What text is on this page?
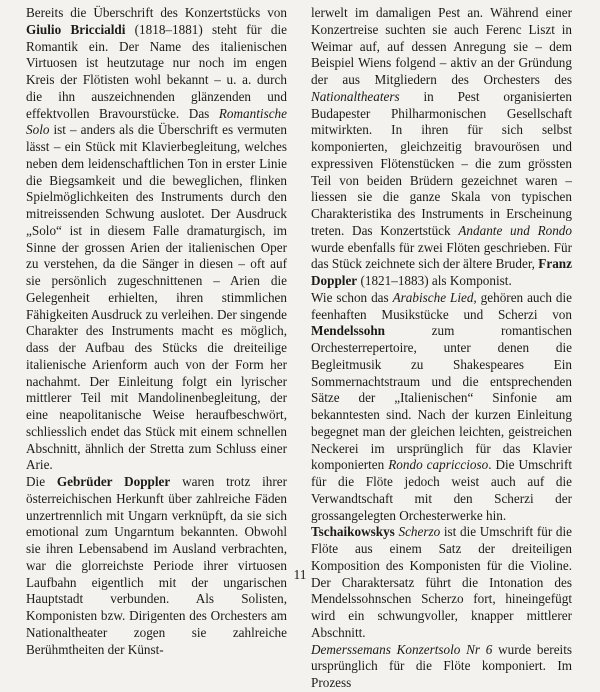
Bereits die Überschrift des Konzertstücks von Giulio Briccialdi (1818–1881) steht für die Romantik ein. Der Name des italienischen Virtuosen ist heutzutage nur noch im engen Kreis der Flötisten wohl bekannt – u. a. durch die ihn auszeichnenden glänzenden und effektvollen Bravourstücke. Das Romantische Solo ist – anders als die Überschrift es vermuten lässt – ein Stück mit Klavierbegleitung, welches neben dem leidenschaftlichen Ton in erster Linie die Biegsamkeit und die beweglichen, flinken Spielmöglichkeiten des Instruments durch den mitreissenden Schwung auslotet. Der Ausdruck „Solo“ ist in diesem Falle dramaturgisch, im Sinne der grossen Arien der italienischen Oper zu verstehen, da die Sänger in diesen – oft auf sie persönlich zugeschnittenen – Arien die Gelegenheit erhielten, ihren stimmlichen Fähigkeiten Ausdruck zu verleihen. Der singende Charakter des Instruments macht es möglich, dass der Aufbau des Stücks die dreiteilige italienische Arienform auch von der Form her nachahmt. Der Einleitung folgt ein lyrischer mittlerer Teil mit Mandolinenbegleitung, der eine neapolitanische Weise heraufbeschwört, schliesslich endet das Stück mit einem schnellen Abschnitt, ähnlich der Stretta zum Schluss einer Arie.

Die Gebrüder Doppler waren trotz ihrer österreichischen Herkunft über zahlreiche Fäden unzertrennlich mit Ungarn verknüpft, da sie sich emotional zum Ungarntum bekannten. Obwohl sie ihren Lebensabend im Ausland verbrachten, war die glorreichste Periode ihrer virtuosen Laufbahn eigentlich mit der ungarischen Hauptstadt verbunden. Als Solisten, Komponisten bzw. Dirigenten des Orchesters am Nationaltheater zogen sie zahlreiche Berühmtheiten der Künst-

lerwelt im damaligen Pest an. Während einer Konzertreise suchten sie auch Ferenc Liszt in Weimar auf, auf dessen Anregung sie – dem Beispiel Wiens folgend – aktiv an der Gründung der aus Mitgliedern des Orchesters des Nationaltheaters in Pest organisierten Budapester Philharmonischen Gesellschaft mitwirkten. In ihren für sich selbst komponierten, gleichzeitig bravourösen und expressiven Flötenstücken – die zum grössten Teil von beiden Brüdern gezeichnet waren – liessen sie die ganze Skala von typischen Charakteristika des Instruments in Erscheinung treten. Das Konzertstück Andante und Rondo wurde ebenfalls für zwei Flöten geschrieben. Für das Stück zeichnete sich der ältere Bruder, Franz Doppler (1821–1883) als Komponist.

Wie schon das Arabische Lied, gehören auch die feenhaften Musikstücke und Scherzi von Mendelssohn zum romantischen Orchesterrepertoire, unter denen die Begleitmusik zu Shakespeares Ein Sommernachtstraum und die entsprechenden Sätze der „Italienischen“ Sinfonie am bekanntesten sind. Nach der kurzen Einleitung begegnet man der gleichen leichten, geistreichen Neckerei im ursprünglich für das Klavier komponierten Rondo capriccioso. Die Umschrift für die Flöte jedoch weist auch auf die Verwandtschaft mit den Scherzi der grossangelegten Orchesterwerke hin.

Tschaikowskys Scherzo ist die Umschrift für die Flöte aus einem Satz der dreiteiligen Komposition des Komponisten für die Violine. Der Charaktersatz führt die Intonation des Mendelssohnschen Scherzo fort, hineingefügt wird ein schwungvoller, knapper mittlerer Abschnitt.

Demerssemans Konzertsolo Nr 6 wurde bereits ursprünglich für die Flöte komponiert. Im Prozess

11
